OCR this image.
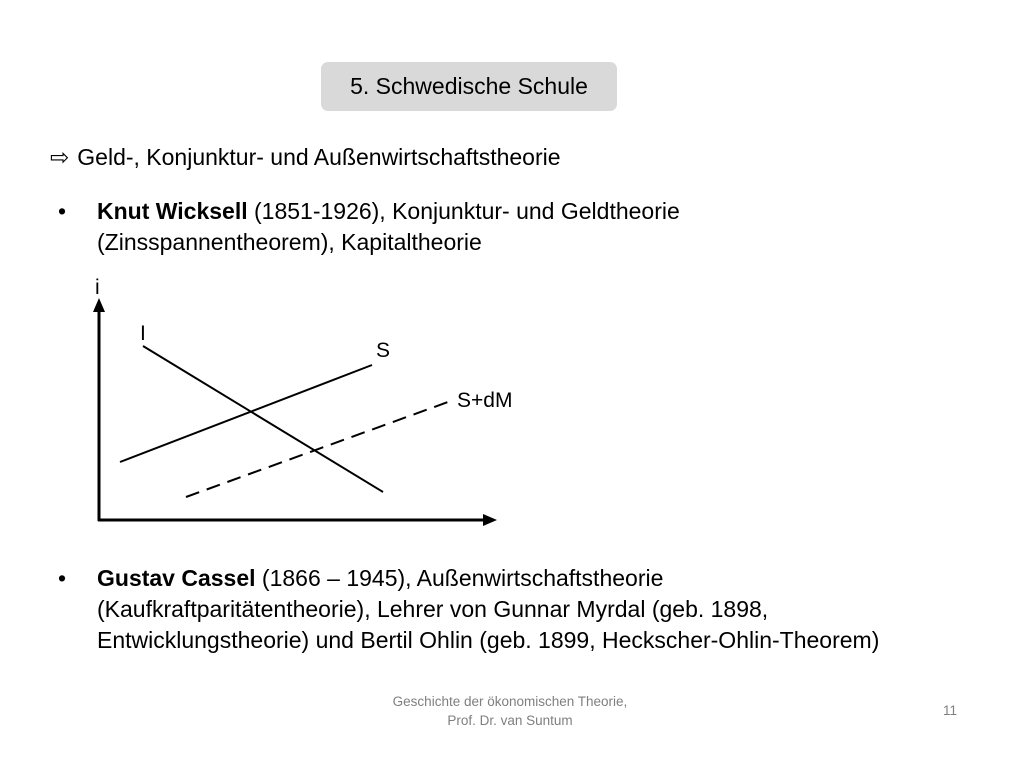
5. Schwedische Schule
⇨ Geld-, Konjunktur- und Außenwirtschaftstheorie
• Knut Wicksell (1851-1926), Konjunktur- und Geldtheorie
(Zinsspannentheorem), Kapitaltheorie
i
I
S
S+dM
• Gustav Cassel (1866 – 1945), Außenwirtschaftstheorie
(Kaufkraftparitätentheorie), Lehrer von Gunnar Myrdal (geb. 1898,
Entwicklungstheorie) und Bertil Ohlin (geb. 1899, Heckscher-Ohlin-Theorem)
Geschichte der ökonomischen Theorie,
Prof. Dr. van Suntum
11
